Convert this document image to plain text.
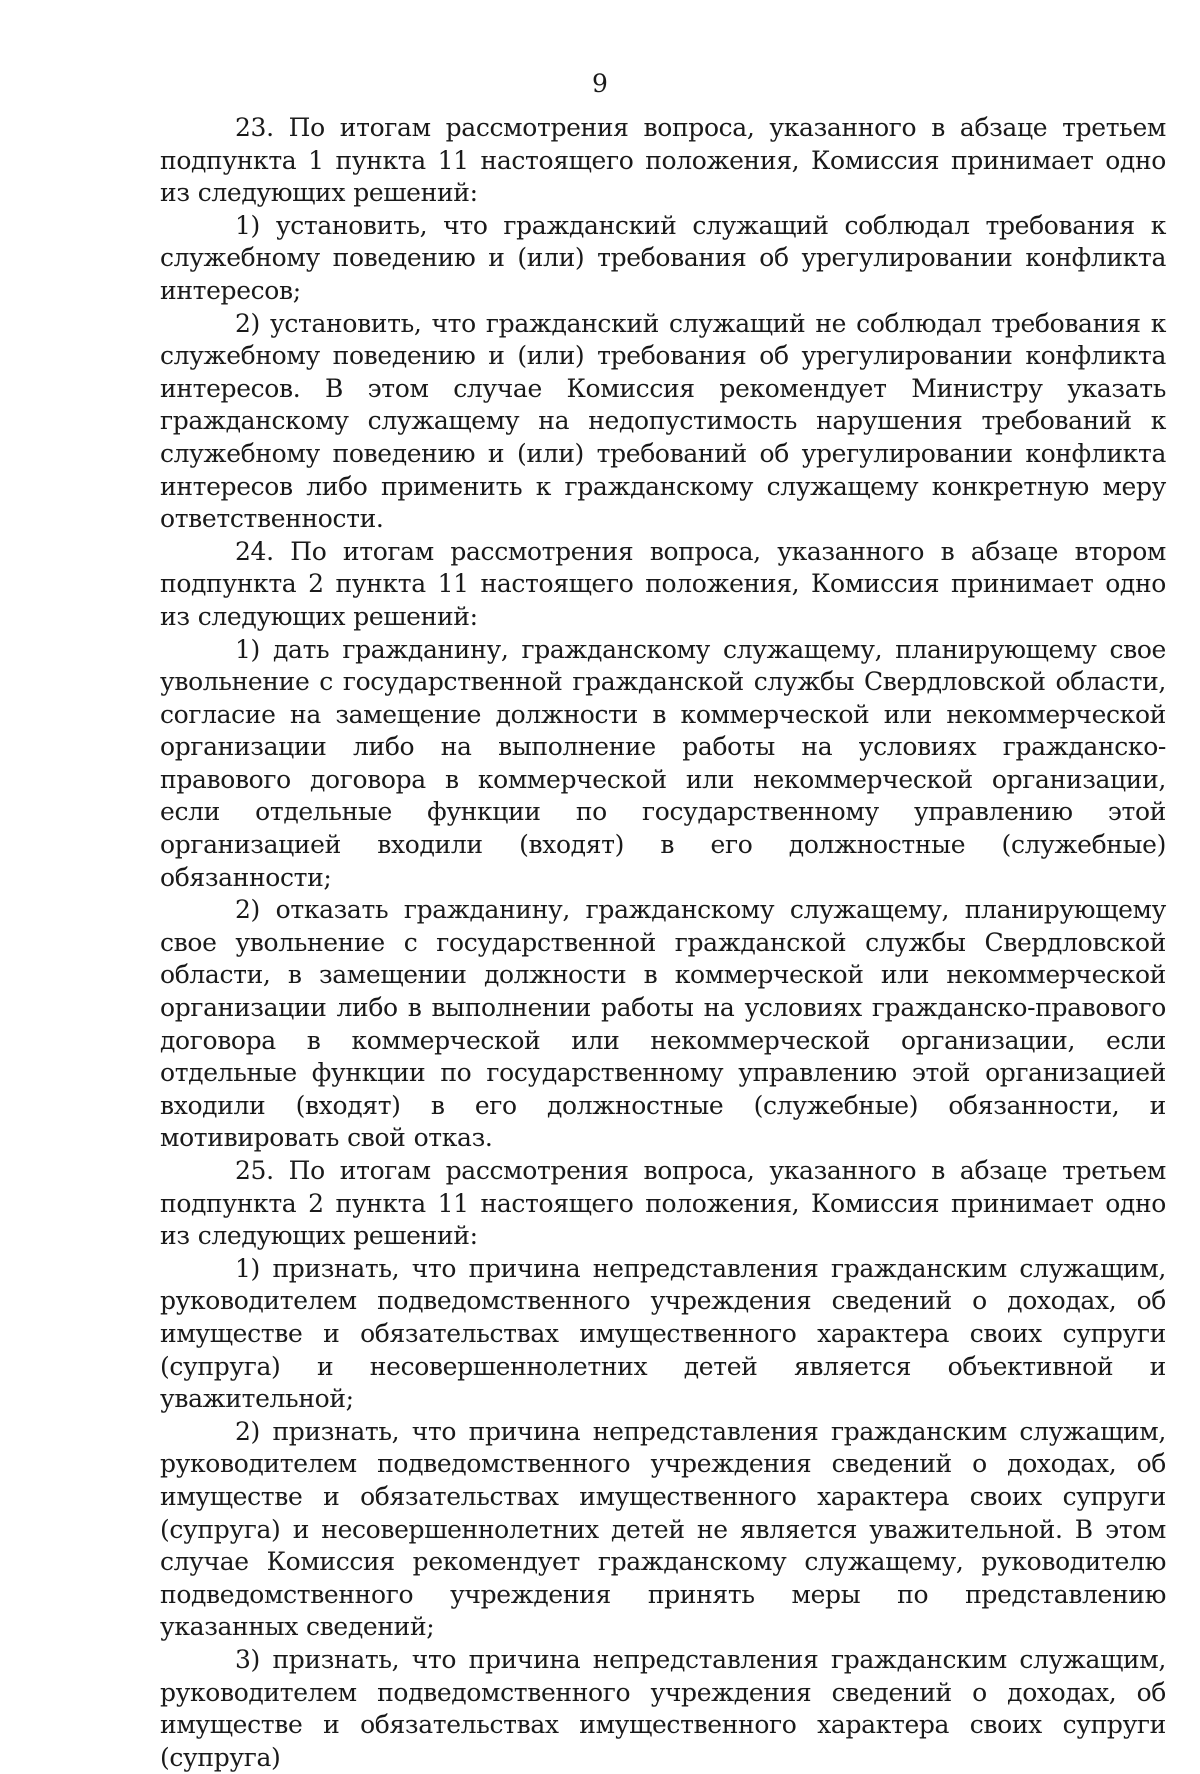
9

23. По итогам рассмотрения вопроса, указанного в абзаце третьем подпункта 1 пункта 11 настоящего положения, Комиссия принимает одно из следующих решений:

1) установить, что гражданский служащий соблюдал требования к служебному поведению и (или) требования об урегулировании конфликта интересов;

2) установить, что гражданский служащий не соблюдал требования к служебному поведению и (или) требования об урегулировании конфликта интересов. В этом случае Комиссия рекомендует Министру указать гражданскому служащему на недопустимость нарушения требований к служебному поведению и (или) требований об урегулировании конфликта интересов либо применить к гражданскому служащему конкретную меру ответственности.

24. По итогам рассмотрения вопроса, указанного в абзаце втором подпункта 2 пункта 11 настоящего положения, Комиссия принимает одно из следующих решений:

1) дать гражданину, гражданскому служащему, планирующему свое увольнение с государственной гражданской службы Свердловской области, согласие на замещение должности в коммерческой или некоммерческой организации либо на выполнение работы на условиях гражданско-правового договора в коммерческой или некоммерческой организации, если отдельные функции по государственному управлению этой организацией входили (входят) в его должностные (служебные) обязанности;

2) отказать гражданину, гражданскому служащему, планирующему свое увольнение с государственной гражданской службы Свердловской области, в замещении должности в коммерческой или некоммерческой организации либо в выполнении работы на условиях гражданско-правового договора в коммерческой или некоммерческой организации, если отдельные функции по государственному управлению этой организацией входили (входят) в его должностные (служебные) обязанности, и мотивировать свой отказ.

25. По итогам рассмотрения вопроса, указанного в абзаце третьем подпункта 2 пункта 11 настоящего положения, Комиссия принимает одно из следующих решений:

1) признать, что причина непредставления гражданским служащим, руководителем подведомственного учреждения сведений о доходах, об имуществе и обязательствах имущественного характера своих супруги (супруга) и несовершеннолетних детей является объективной и уважительной;

2) признать, что причина непредставления гражданским служащим, руководителем подведомственного учреждения сведений о доходах, об имуществе и обязательствах имущественного характера своих супруги (супруга) и несовершеннолетних детей не является уважительной. В этом случае Комиссия рекомендует гражданскому служащему, руководителю подведомственного учреждения принять меры по представлению указанных сведений;

3) признать, что причина непредставления гражданским служащим, руководителем подведомственного учреждения сведений о доходах, об имуществе и обязательствах имущественного характера своих супруги (супруга)
